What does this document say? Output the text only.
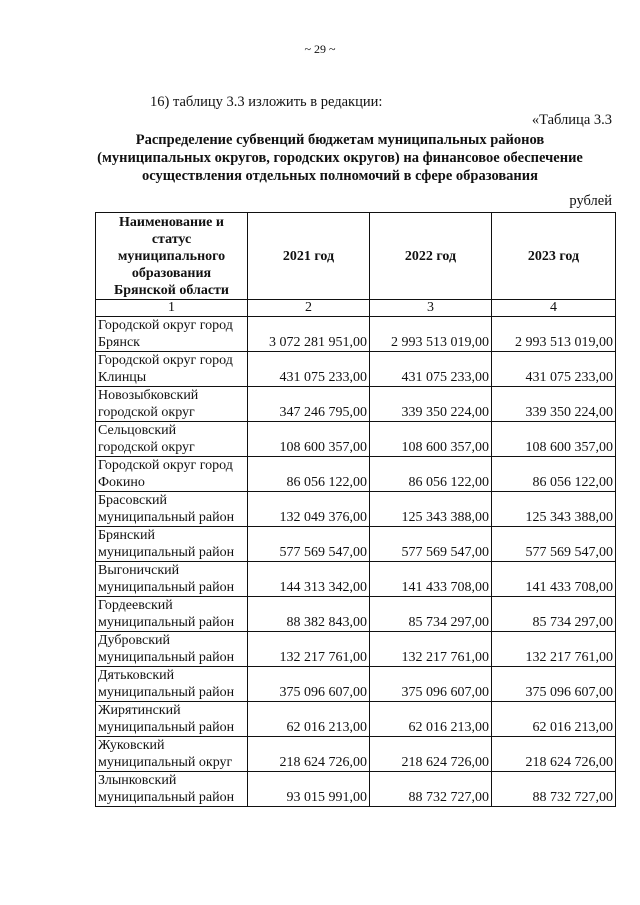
~ 29 ~
16) таблицу 3.3 изложить в редакции:
«Таблица 3.3
Распределение субвенций бюджетам муниципальных районов
(муниципальных округов, городских округов) на финансовое обеспечение
осуществления отдельных полномочий в сфере образования
рублей
Наименование и
статус
муниципального
образования
Брянской области	2021 год	2022 год	2023 год
1	2	3	4

Городской округ город
Брянск	3 072 281 951,00	2 993 513 019,00	2 993 513 019,00

Городской округ город
Клинцы	431 075 233,00	431 075 233,00	431 075 233,00

Новозыбковский
городской округ	347 246 795,00	339 350 224,00	339 350 224,00

Сельцовский
городской округ	108 600 357,00	108 600 357,00	108 600 357,00

Городской округ город
Фокино	86 056 122,00	86 056 122,00	86 056 122,00

Брасовский
муниципальный район	132 049 376,00	125 343 388,00	125 343 388,00

Брянский
муниципальный район	577 569 547,00	577 569 547,00	577 569 547,00

Выгоничский
муниципальный район	144 313 342,00	141 433 708,00	141 433 708,00

Гордеевский
муниципальный район	88 382 843,00	85 734 297,00	85 734 297,00

Дубровский
муниципальный район	132 217 761,00	132 217 761,00	132 217 761,00

Дятьковский
муниципальный район	375 096 607,00	375 096 607,00	375 096 607,00

Жирятинский
муниципальный район	62 016 213,00	62 016 213,00	62 016 213,00

Жуковский
муниципальный округ	218 624 726,00	218 624 726,00	218 624 726,00

Злынковский
муниципальный район	93 015 991,00	88 732 727,00	88 732 727,00
